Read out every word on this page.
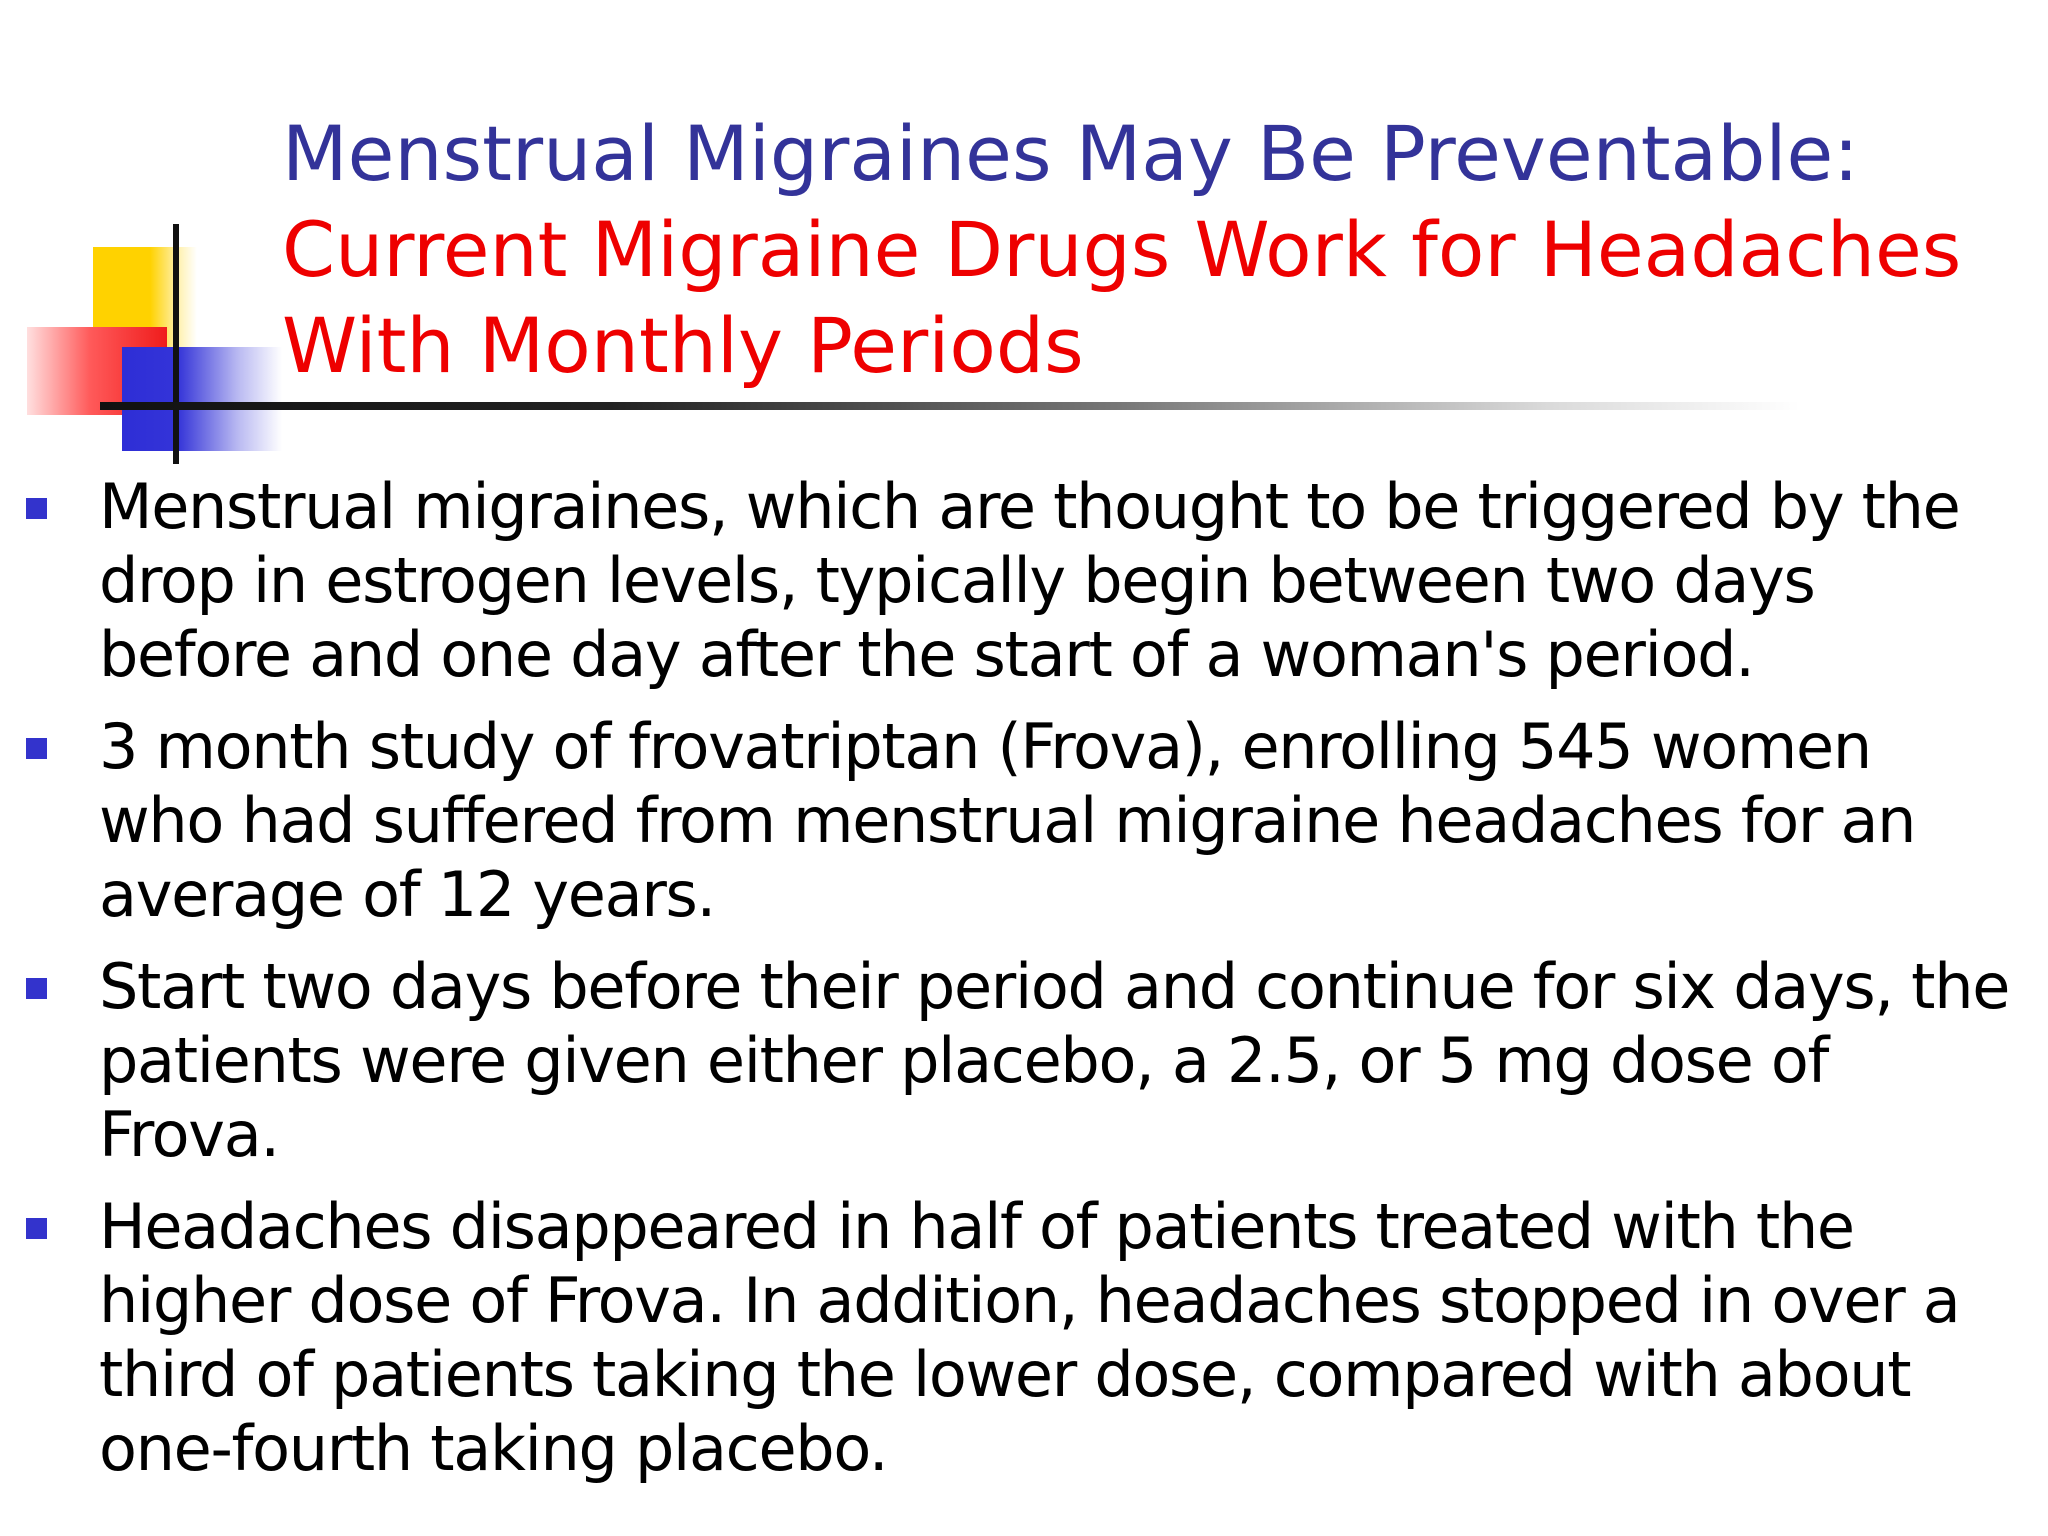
Menstrual Migraines May Be Preventable:
Current Migraine Drugs Work for Headaches
With Monthly Periods
Menstrual migraines, which are thought to be triggered by the drop in estrogen levels, typically begin between two days before and one day after the start of a woman's period.
3 month study of frovatriptan (Frova), enrolling 545 women who had suffered from menstrual migraine headaches for an average of 12 years.
Start two days before their period and continue for six days, the patients were given either placebo, a 2.5, or 5 mg dose of Frova.
Headaches disappeared in half of patients treated with the higher dose of Frova. In addition, headaches stopped in over a third of patients taking the lower dose, compared with about one-fourth taking placebo.
